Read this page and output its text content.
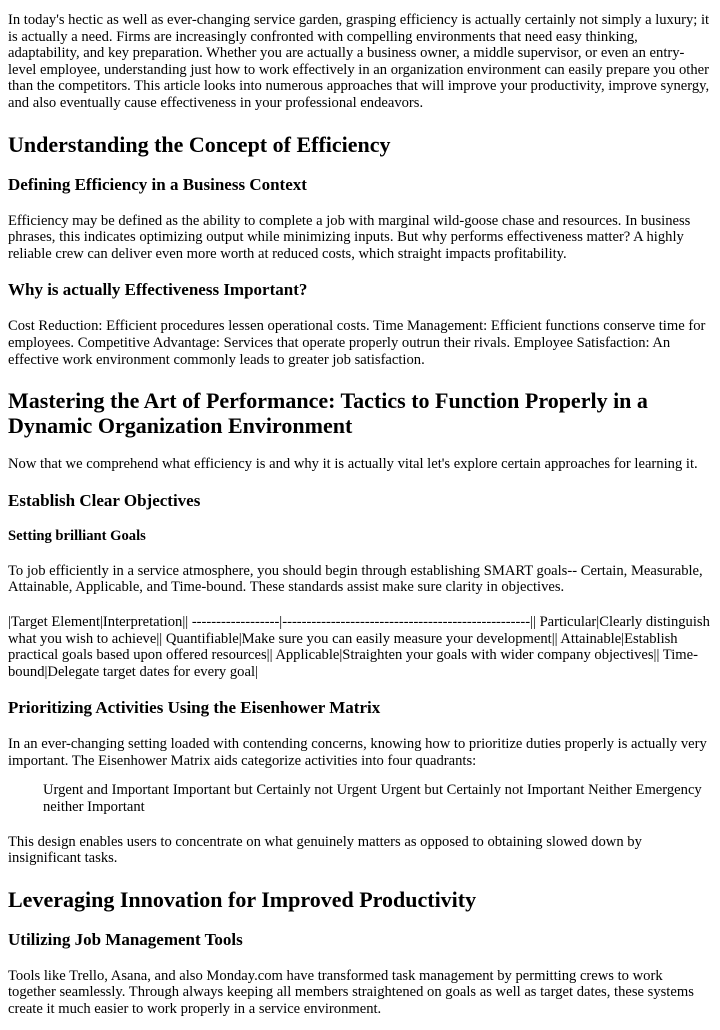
In today's hectic as well as ever-changing service garden, grasping efficiency is actually certainly not simply a luxury; it is actually a need. Firms are increasingly confronted with compelling environments that need easy thinking, adaptability, and key preparation. Whether you are actually a business owner, a middle supervisor, or even an entry-level employee, understanding just how to work effectively in an organization environment can easily prepare you other than the competitors. This article looks into numerous approaches that will improve your productivity, improve synergy, and also eventually cause effectiveness in your professional endeavors.

Understanding the Concept of Efficiency
Defining Efficiency in a Business Context

Efficiency may be defined as the ability to complete a job with marginal wild-goose chase and resources. In business phrases, this indicates optimizing output while minimizing inputs. But why performs effectiveness matter? A highly reliable crew can deliver even more worth at reduced costs, which straight impacts profitability.

Why is actually Effectiveness Important?

Cost Reduction: Efficient procedures lessen operational costs. Time Management: Efficient functions conserve time for employees. Competitive Advantage: Services that operate properly outrun their rivals. Employee Satisfaction: An effective work environment commonly leads to greater job satisfaction.

Mastering the Art of Performance: Tactics to Function Properly in a Dynamic Organization Environment

Now that we comprehend what efficiency is and why it is actually vital let's explore certain approaches for learning it.

Establish Clear Objectives
Setting brilliant Goals

To job efficiently in a service atmosphere, you should begin through establishing SMART goals-- Certain, Measurable, Attainable, Applicable, and Time-bound. These standards assist make sure clarity in objectives.

|Target Element|Interpretation|| ------------------|---------------------------------------------------|| Particular|Clearly distinguish what you wish to achieve|| Quantifiable|Make sure you can easily measure your development|| Attainable|Establish practical goals based upon offered resources|| Applicable|Straighten your goals with wider company objectives|| Time-bound|Delegate target dates for every goal|

Prioritizing Activities Using the Eisenhower Matrix

In an ever-changing setting loaded with contending concerns, knowing how to prioritize duties properly is actually very important. The Eisenhower Matrix aids categorize activities into four quadrants:

Urgent and Important Important but Certainly not Urgent Urgent but Certainly not Important Neither Emergency neither Important

This design enables users to concentrate on what genuinely matters as opposed to obtaining slowed down by insignificant tasks.

Leveraging Innovation for Improved Productivity
Utilizing Job Management Tools

Tools like Trello, Asana, and also Monday.com have transformed task management by permitting crews to work together seamlessly. Through always keeping all members straightened on goals as well as target dates, these systems create it much easier to work properly in a service environment.
